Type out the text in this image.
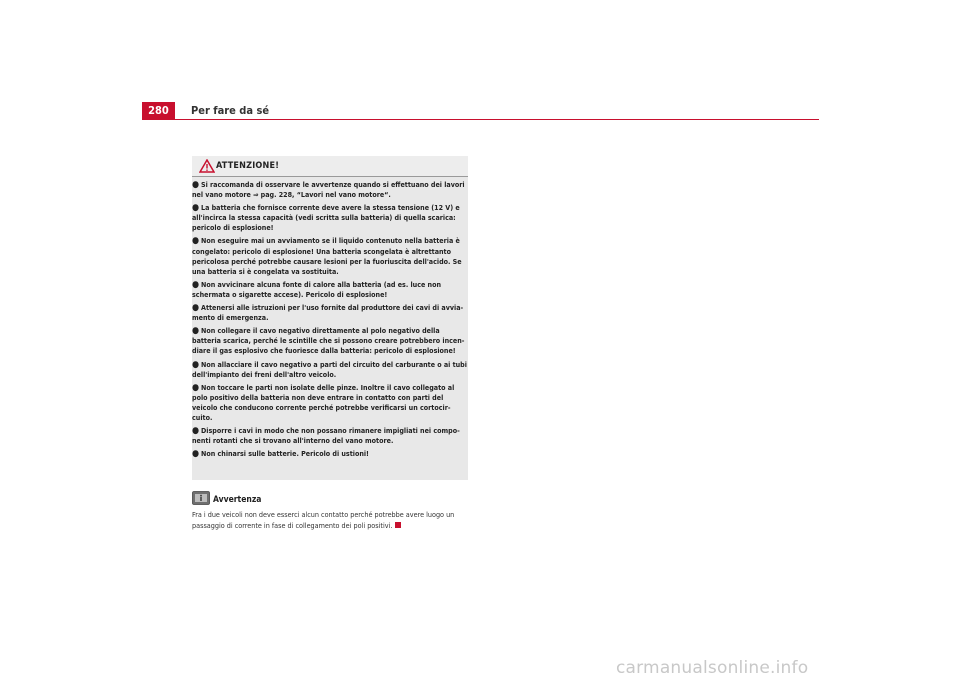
280	Per fare da sé
ATTENZIONE!
● Si raccomanda di osservare le avvertenze quando si effettuano dei lavori nel vano motore ⇒ pag. 228, “Lavori nel vano motore“.
● La batteria che fornisce corrente deve avere la stessa tensione (12 V) e all'incirca la stessa capacità (vedi scritta sulla batteria) di quella scarica: pericolo di esplosione!
● Non eseguire mai un avviamento se il liquido contenuto nella batteria è congelato: pericolo di esplosione! Una batteria scongelata è altrettanto pericolosa perché potrebbe causare lesioni per la fuoriuscita dell'acido. Se una batteria si è congelata va sostituita.
● Non avvicinare alcuna fonte di calore alla batteria (ad es. luce non schermata o sigarette accese). Pericolo di esplosione!
● Attenersi alle istruzioni per l'uso fornite dal produttore dei cavi di avvia-mento di emergenza.
● Non collegare il cavo negativo direttamente al polo negativo della batteria scarica, perché le scintille che si possono creare potrebbero incen-diare il gas esplosivo che fuoriesce dalla batteria: pericolo di esplosione!
● Non allacciare il cavo negativo a parti del circuito del carburante o ai tubi dell'impianto dei freni dell'altro veicolo.
● Non toccare le parti non isolate delle pinze. Inoltre il cavo collegato al polo positivo della batteria non deve entrare in contatto con parti del veicolo che conducono corrente perché potrebbe verificarsi un cortocir-cuito.
● Disporre i cavi in modo che non possano rimanere impigliati nei compo-nenti rotanti che si trovano all'interno del vano motore.
● Non chinarsi sulle batterie. Pericolo di ustioni!
Avvertenza
Fra i due veicoli non deve esserci alcun contatto perché potrebbe avere luogo un passaggio di corrente in fase di collegamento dei poli positivi.
carmanualsonline.info
